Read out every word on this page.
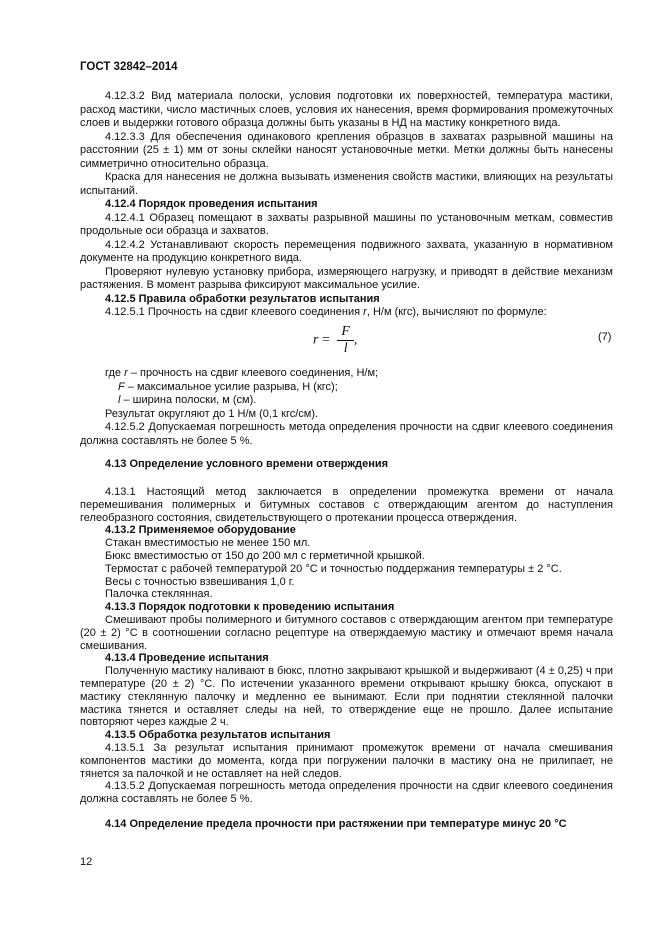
ГОСТ 32842–2014

4.12.3.2 Вид материала полоски, условия подготовки их поверхностей, температура мастики, расход мастики, число мастичных слоев, условия их нанесения, время формирования промежуточных слоев и выдержки готового образца должны быть указаны в НД на мастику конкретного вида.

4.12.3.3 Для обеспечения одинакового крепления образцов в захватах разрывной машины на расстоянии (25 ± 1) мм от зоны склейки наносят установочные метки. Метки должны быть нанесены симметрично относительно образца.

Краска для нанесения не должна вызывать изменения свойств мастики, влияющих на результаты испытаний.

4.12.4 Порядок проведения испытания

4.12.4.1 Образец помещают в захваты разрывной машины по установочным меткам, совместив продольные оси образца и захватов.

4.12.4.2 Устанавливают скорость перемещения подвижного захвата, указанную в нормативном документе на продукцию конкретного вида.

Проверяют нулевую установку прибора, измеряющего нагрузку, и приводят в действие механизм растяжения. В момент разрыва фиксируют максимальное усилие.

4.12.5 Правила обработки результатов испытания

4.12.5.1 Прочность на сдвиг клеевого соединения r, Н/м (кгс), вычисляют по формуле:

$r = \frac{F}{l}$ ,	(7)

где r – прочность на сдвиг клеевого соединения, Н/м;

F – максимальное усилие разрыва, Н (кгс);

l – ширина полоски, м (см).

Результат округляют до 1 Н/м (0,1 кгс/см).

4.12.5.2 Допускаемая погрешность метода определения прочности на сдвиг клеевого соединения должна составлять не более 5 %.

4.13 Определение условного времени отверждения

4.13.1 Настоящий метод заключается в определении промежутка времени от начала перемешивания полимерных и битумных составов с отверждающим агентом до наступления гелеобразного состояния, свидетельствующего о протекании процесса отверждения.

4.13.2 Применяемое оборудование

Стакан вместимостью не менее 150 мл.

Бюкс вместимостью от 150 до 200 мл с герметичной крышкой.

Термостат с рабочей температурой 20 °С и точностью поддержания температуры ± 2 °С.

Весы с точностью взвешивания 1,0 г.

Палочка стеклянная.

4.13.3 Порядок подготовки к проведению испытания

Смешивают пробы полимерного и битумного составов с отверждающим агентом при температуре (20 ± 2) °С в соотношении согласно рецептуре на отверждаемую мастику и отмечают время начала смешивания.

4.13.4 Проведение испытания

Полученную мастику наливают в бюкс, плотно закрывают крышкой и выдерживают (4 ± 0,25) ч при температуре (20 ± 2) °С. По истечении указанного времени открывают крышку бюкса, опускают в мастику стеклянную палочку и медленно ее вынимают. Если при поднятии стеклянной палочки мастика тянется и оставляет следы на ней, то отверждение еще не прошло. Далее испытание повторяют через каждые 2 ч.

4.13.5 Обработка результатов испытания

4.13.5.1 За результат испытания принимают промежуток времени от начала смешивания компонентов мастики до момента, когда при погружении палочки в мастику она не прилипает, не тянется за палочкой и не оставляет на ней следов.

4.13.5.2 Допускаемая погрешность метода определения прочности на сдвиг клеевого соединения должна составлять не более 5 %.

4.14 Определение предела прочности при растяжении при температуре минус 20 °С
12
